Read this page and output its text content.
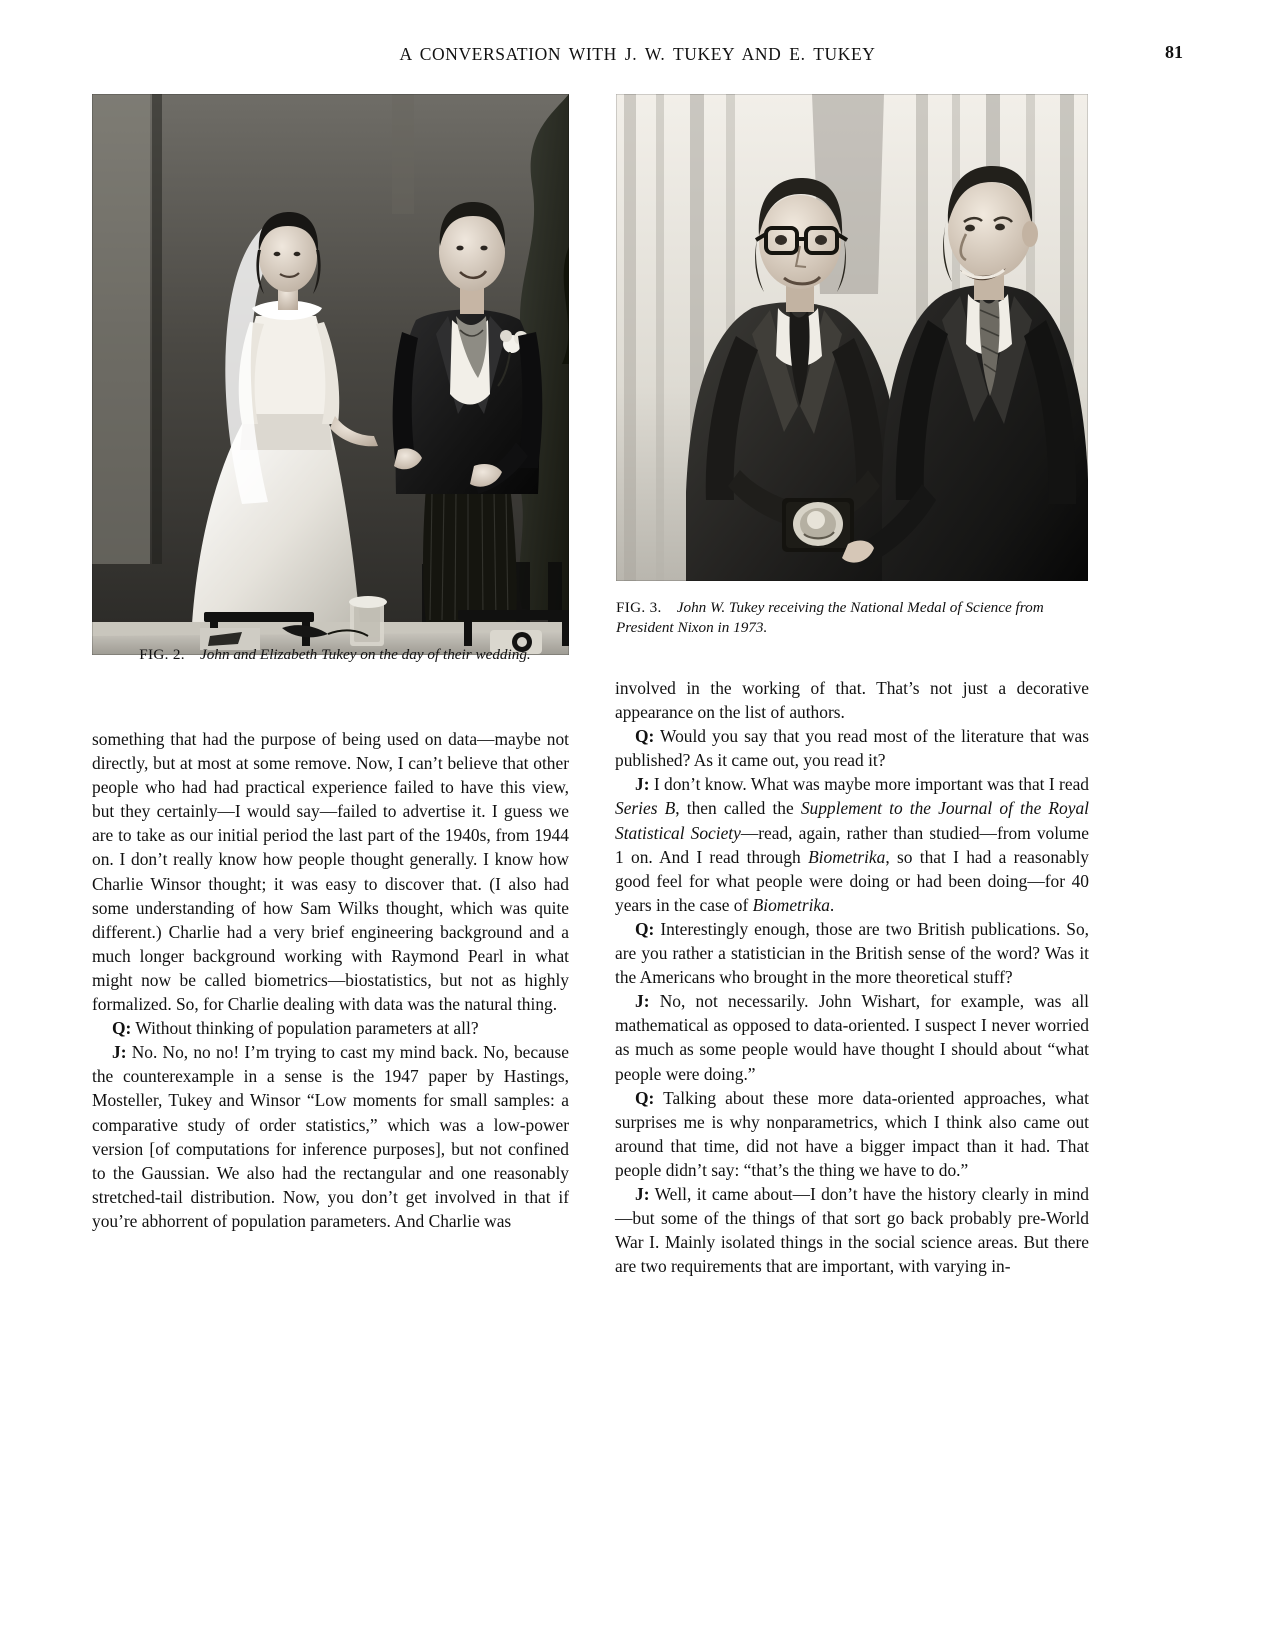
A CONVERSATION WITH J. W. TUKEY AND E. TUKEY	81
FIG. 2. John and Elizabeth Tukey on the day of their wedding.
FIG. 3. John W. Tukey receiving the National Medal of Science from President Nixon in 1973.

something that had the purpose of being used on data—maybe not directly, but at most at some remove. Now, I can’t believe that other people who had had practical experience failed to have this view, but they certainly—I would say—failed to advertise it. I guess we are to take as our initial period the last part of the 1940s, from 1944 on. I don’t really know how people thought generally. I know how Charlie Winsor thought; it was easy to discover that. (I also had some understanding of how Sam Wilks thought, which was quite different.) Charlie had a very brief engineering background and a much longer background working with Raymond Pearl in what might now be called biometrics—biostatistics, but not as highly formalized. So, for Charlie dealing with data was the natural thing.

Q: Without thinking of population parameters at all?

J: No. No, no no! I’m trying to cast my mind back. No, because the counterexample in a sense is the 1947 paper by Hastings, Mosteller, Tukey and Winsor “Low moments for small samples: a comparative study of order statistics,” which was a low-power version [of computations for inference purposes], but not confined to the Gaussian. We also had the rectangular and one reasonably stretched-tail distribution. Now, you don’t get involved in that if you’re abhorrent of population parameters. And Charlie was

involved in the working of that. That’s not just a decorative appearance on the list of authors.

Q: Would you say that you read most of the literature that was published? As it came out, you read it?

J: I don’t know. What was maybe more important was that I read Series B, then called the Supplement to the Journal of the Royal Statistical Society—read, again, rather than studied—from volume 1 on. And I read through Biometrika, so that I had a reasonably good feel for what people were doing or had been doing—for 40 years in the case of Biometrika.

Q: Interestingly enough, those are two British publications. So, are you rather a statistician in the British sense of the word? Was it the Americans who brought in the more theoretical stuff?

J: No, not necessarily. John Wishart, for example, was all mathematical as opposed to data-oriented. I suspect I never worried as much as some people would have thought I should about “what people were doing.”

Q: Talking about these more data-oriented approaches, what surprises me is why nonparametrics, which I think also came out around that time, did not have a bigger impact than it had. That people didn’t say: “that’s the thing we have to do.”

J: Well, it came about—I don’t have the history clearly in mind—but some of the things of that sort go back probably pre-World War I. Mainly isolated things in the social science areas. But there are two requirements that are important, with varying in-
